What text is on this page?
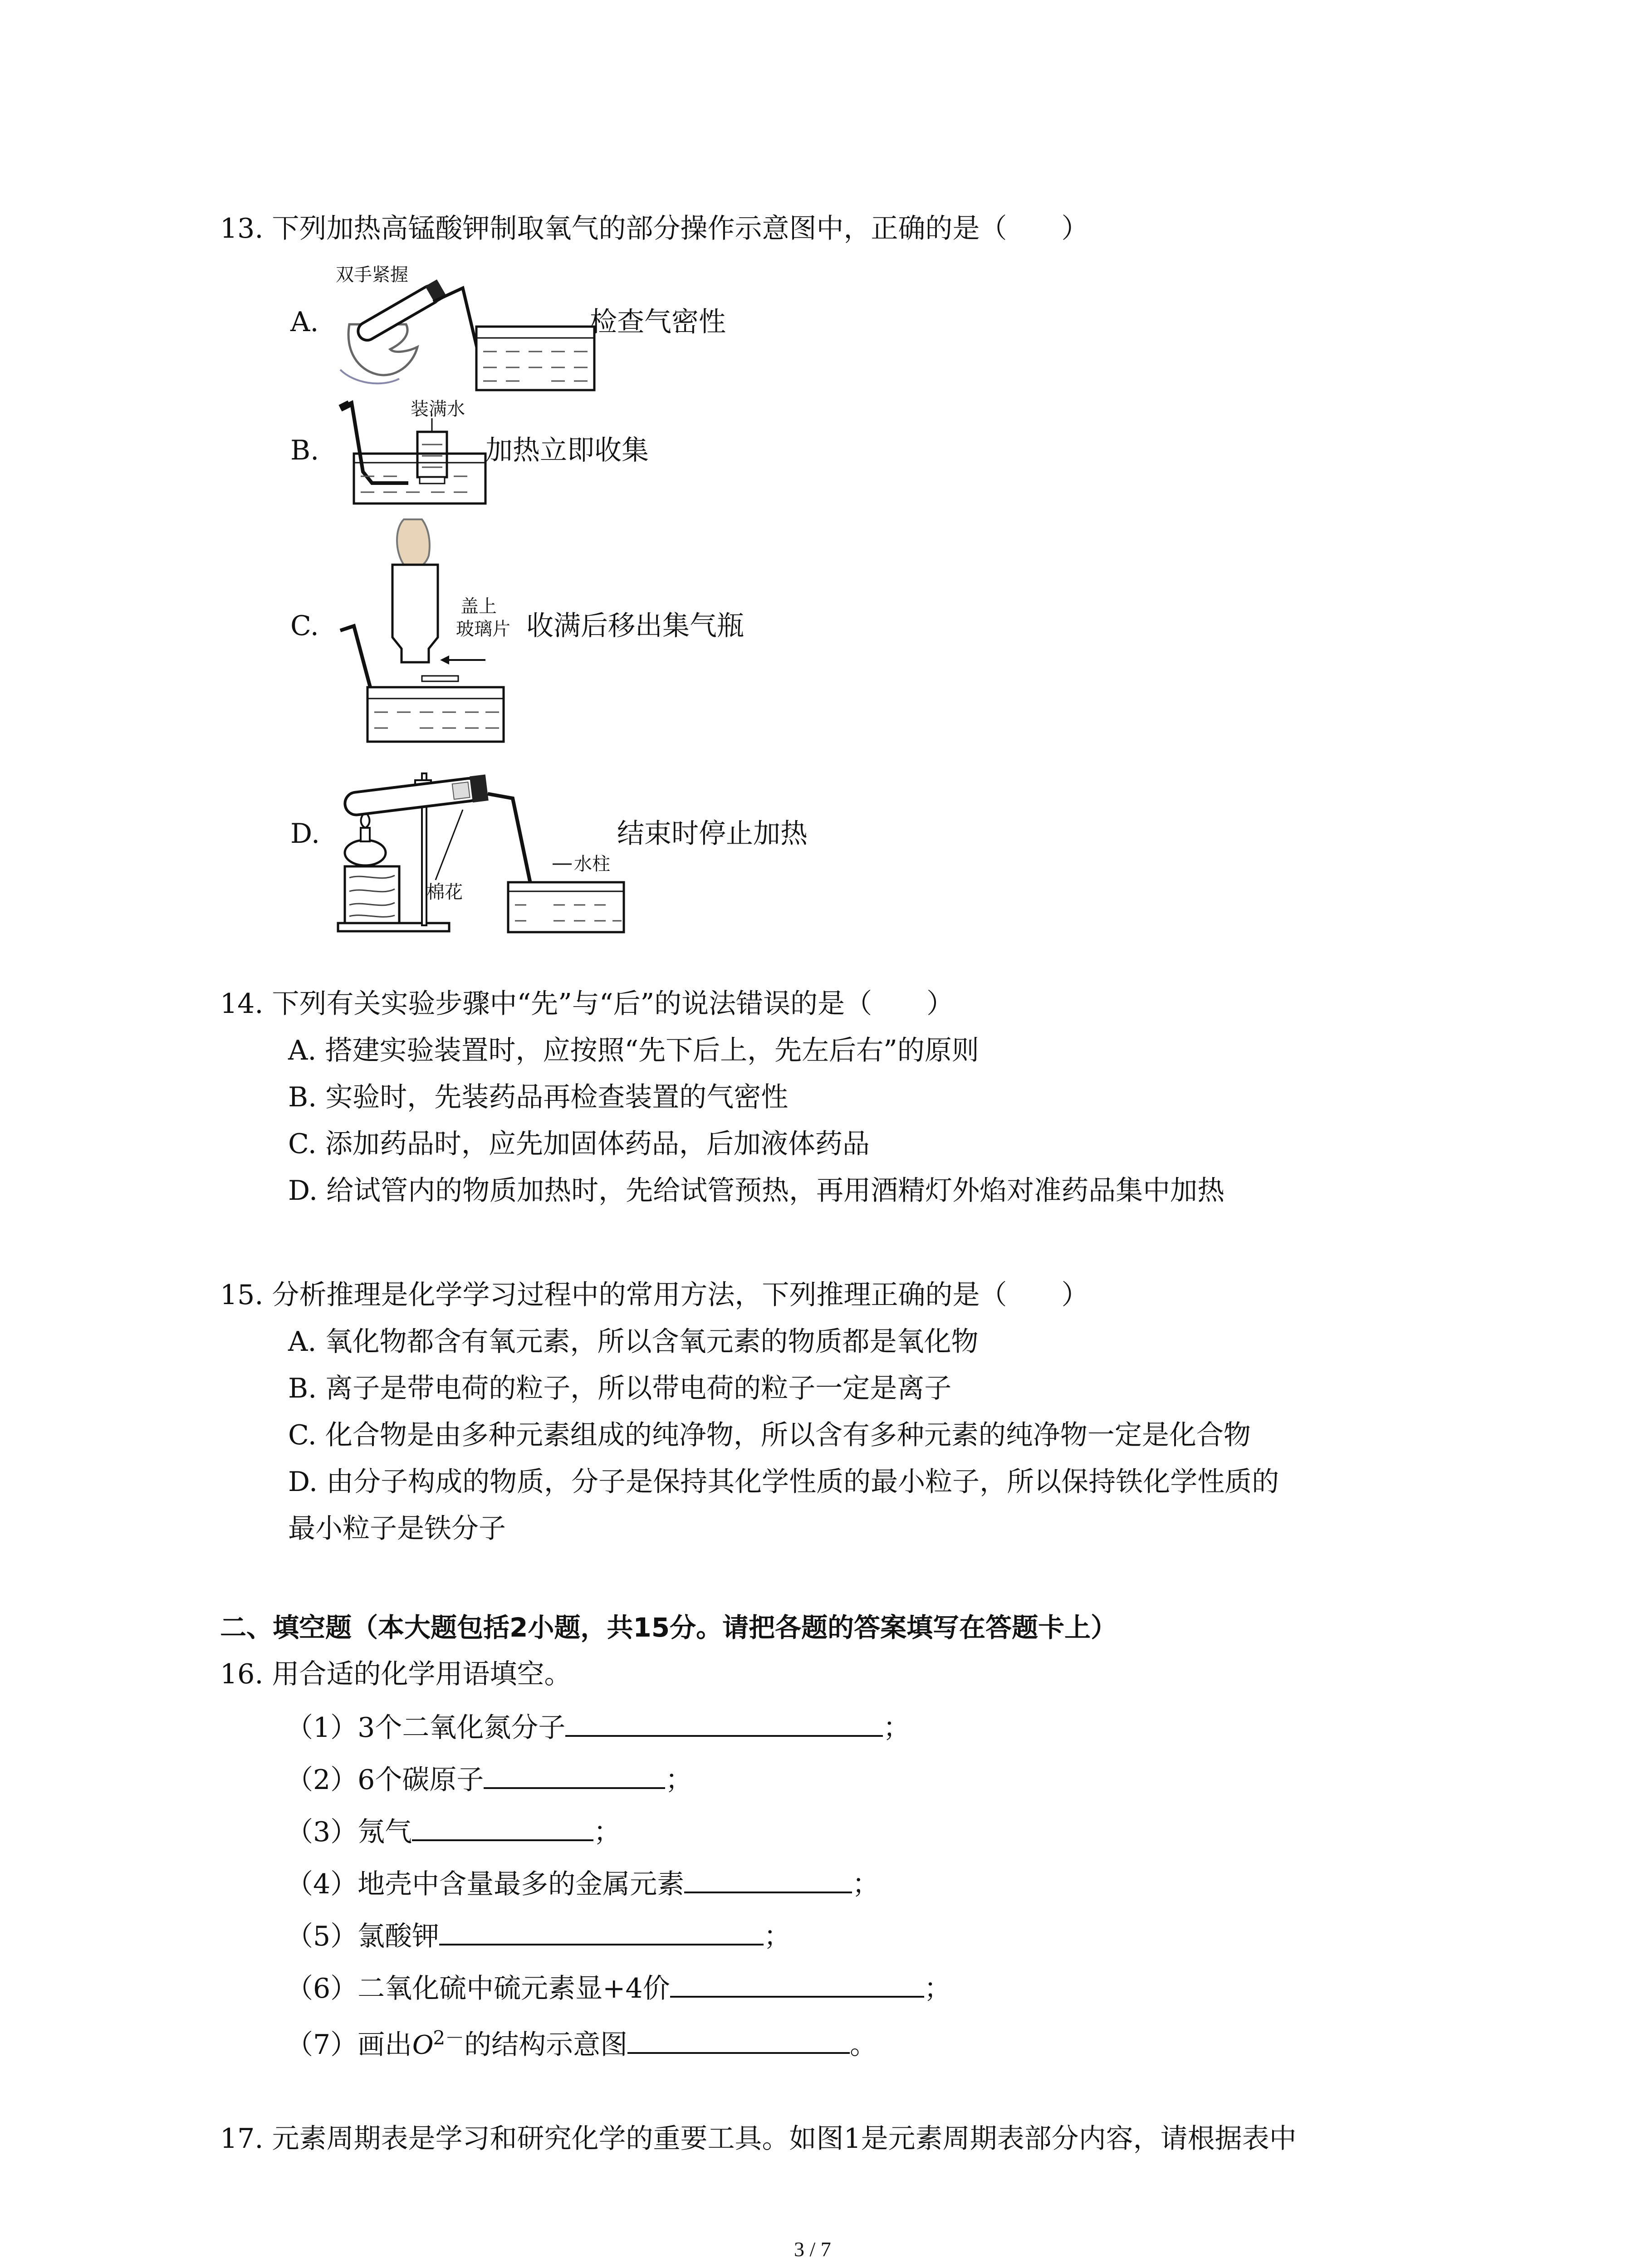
13. 下列加热高锰酸钾制取氧气的部分操作示意图中，正确的是（　　）
A.
双手紧握
检查气密性
B.
装满水
加热立即收集
C.
盖上
玻璃片 收满后移出集气瓶
D.
棉花
水柱
结束时停止加热
14. 下列有关实验步骤中“先”与“后”的说法错误的是（　　）
A. 搭建实验装置时，应按照“先下后上，先左后右”的原则
B. 实验时，先装药品再检查装置的气密性
C. 添加药品时，应先加固体药品，后加液体药品
D. 给试管内的物质加热时，先给试管预热，再用酒精灯外焰对准药品集中加热
15. 分析推理是化学学习过程中的常用方法，下列推理正确的是（　　）
A. 氧化物都含有氧元素，所以含氧元素的物质都是氧化物
B. 离子是带电荷的粒子，所以带电荷的粒子一定是离子
C. 化合物是由多种元素组成的纯净物，所以含有多种元素的纯净物一定是化合物
D. 由分子构成的物质，分子是保持其化学性质的最小粒子，所以保持铁化学性质的
最小粒子是铁分子
二、填空题（本大题包括2小题，共15分。请把各题的答案填写在答题卡上）
16. 用合适的化学用语填空。
（1）3个二氧化氮分子	；
（2）6个碳原子	；
（3）氖气	；
（4）地壳中含量最多的金属元素	；
（5）氯酸钾	；
（6）二氧化硫中硫元素显+4价	；
（7）画出$O^{2-}$的结构示意图	。
17. 元素周期表是学习和研究化学的重要工具。如图1是元素周期表部分内容，请根据表中
3 / 7
